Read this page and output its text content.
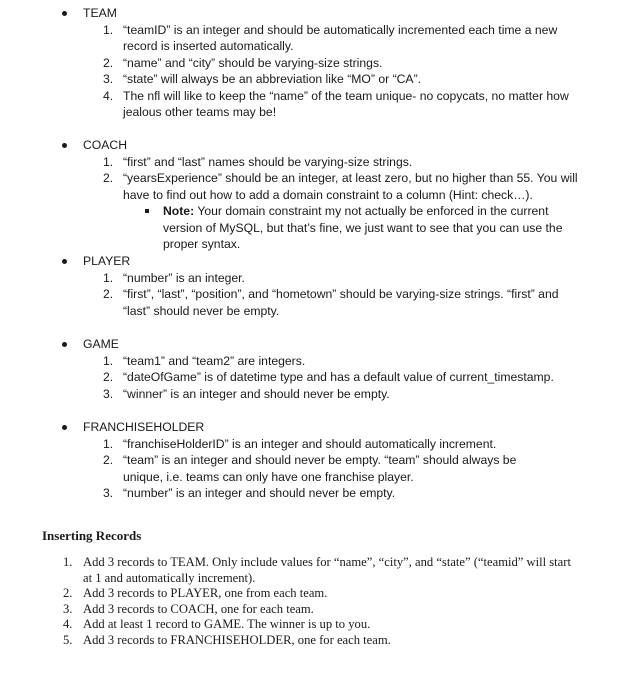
TEAM
1. “teamID” is an integer and should be automatically incremented each time a new record is inserted automatically.
2. “name” and “city” should be varying-size strings.
3. “state” will always be an abbreviation like “MO” or “CA”.
4. The nfl will like to keep the “name” of the team unique- no copycats, no matter how jealous other teams may be!
COACH
1. “first” and “last” names should be varying-size strings.
2. “yearsExperience” should be an integer, at least zero, but no higher than 55. You will have to find out how to add a domain constraint to a column (Hint: check…).
Note: Your domain constraint my not actually be enforced in the current version of MySQL, but that’s fine, we just want to see that you can use the proper syntax.
PLAYER
1. “number” is an integer.
2. “first”, “last”, “position”, and “hometown” should be varying-size strings. “first” and “last” should never be empty.
GAME
1. “team1” and “team2” are integers.
2. “dateOfGame” is of datetime type and has a default value of current_timestamp.
3. “winner” is an integer and should never be empty.
FRANCHISEHOLDER
1. “franchiseHolderID” is an integer and should automatically increment.
2. “team” is an integer and should never be empty. “team” should always be unique, i.e. teams can only have one franchise player.
3. “number” is an integer and should never be empty.
Inserting Records
1. Add 3 records to TEAM. Only include values for “name”, “city”, and “state” (“teamid” will start at 1 and automatically increment).
2. Add 3 records to PLAYER, one from each team.
3. Add 3 records to COACH, one for each team.
4. Add at least 1 record to GAME. The winner is up to you.
5. Add 3 records to FRANCHISEHOLDER, one for each team.
